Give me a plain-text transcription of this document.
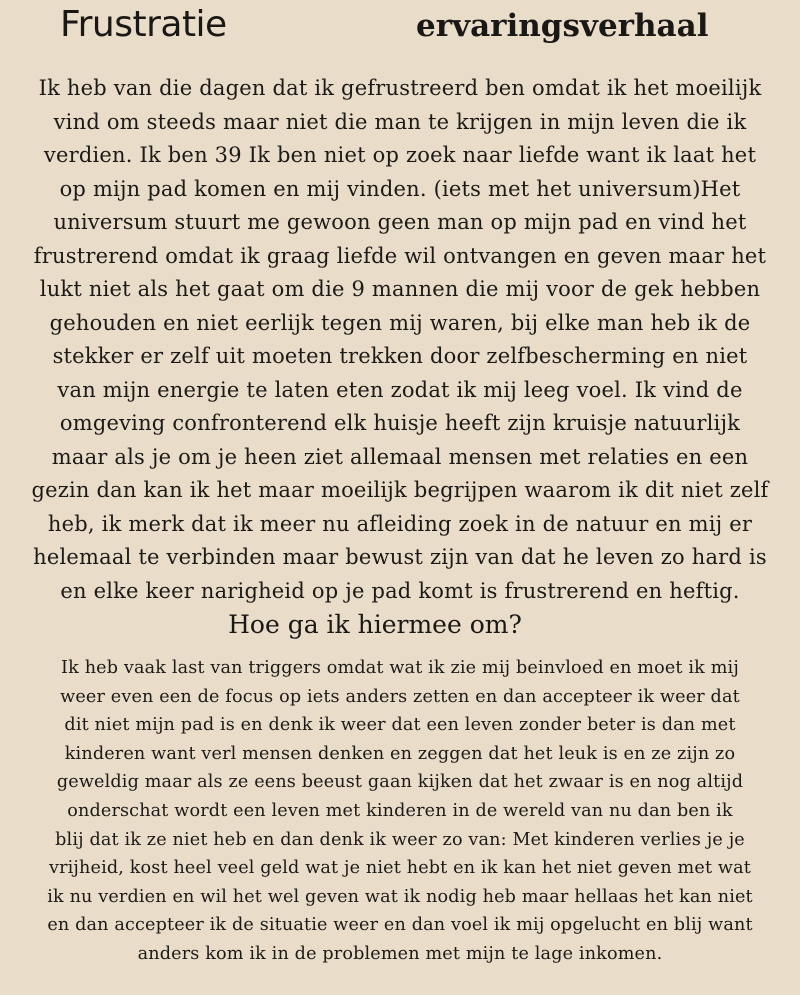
Frustratie	ervaringsverhaal

Ik heb van die dagen dat ik gefrustreerd ben omdat ik het moeilijk
vind om steeds maar niet die man te krijgen in mijn leven die ik
verdien. Ik ben 39 Ik ben niet op zoek naar liefde want ik laat het
op mijn pad komen en mij vinden. (iets met het universum)Het
universum stuurt me gewoon geen man op mijn pad en vind het
frustrerend omdat ik graag liefde wil ontvangen en geven maar het
lukt niet als het gaat om die 9 mannen die mij voor de gek hebben
gehouden en niet eerlijk tegen mij waren, bij elke man heb ik de
stekker er zelf uit moeten trekken door zelfbescherming en niet
van mijn energie te laten eten zodat ik mij leeg voel. Ik vind de
omgeving confronterend elk huisje heeft zijn kruisje natuurlijk
maar als je om je heen ziet allemaal mensen met relaties en een
gezin dan kan ik het maar moeilijk begrijpen waarom ik dit niet zelf
heb, ik merk dat ik meer nu afleiding zoek in de natuur en mij er
helemaal te verbinden maar bewust zijn van dat he leven zo hard is
en elke keer narigheid op je pad komt is frustrerend en heftig.

Hoe ga ik hiermee om?

Ik heb vaak last van triggers omdat wat ik zie mij beinvloed en moet ik mij
weer even een de focus op iets anders zetten en dan accepteer ik weer dat
dit niet mijn pad is en denk ik weer dat een leven zonder beter is dan met
kinderen want verl mensen denken en zeggen dat het leuk is en ze zijn zo
geweldig maar als ze eens beeust gaan kijken dat het zwaar is en nog altijd
onderschat wordt een leven met kinderen in de wereld van nu dan ben ik
blij dat ik ze niet heb en dan denk ik weer zo van: Met kinderen verlies je je
vrijheid, kost heel veel geld wat je niet hebt en ik kan het niet geven met wat
ik nu verdien en wil het wel geven wat ik nodig heb maar hellaas het kan niet
en dan accepteer ik de situatie weer en dan voel ik mij opgelucht en blij want
anders kom ik in de problemen met mijn te lage inkomen.
